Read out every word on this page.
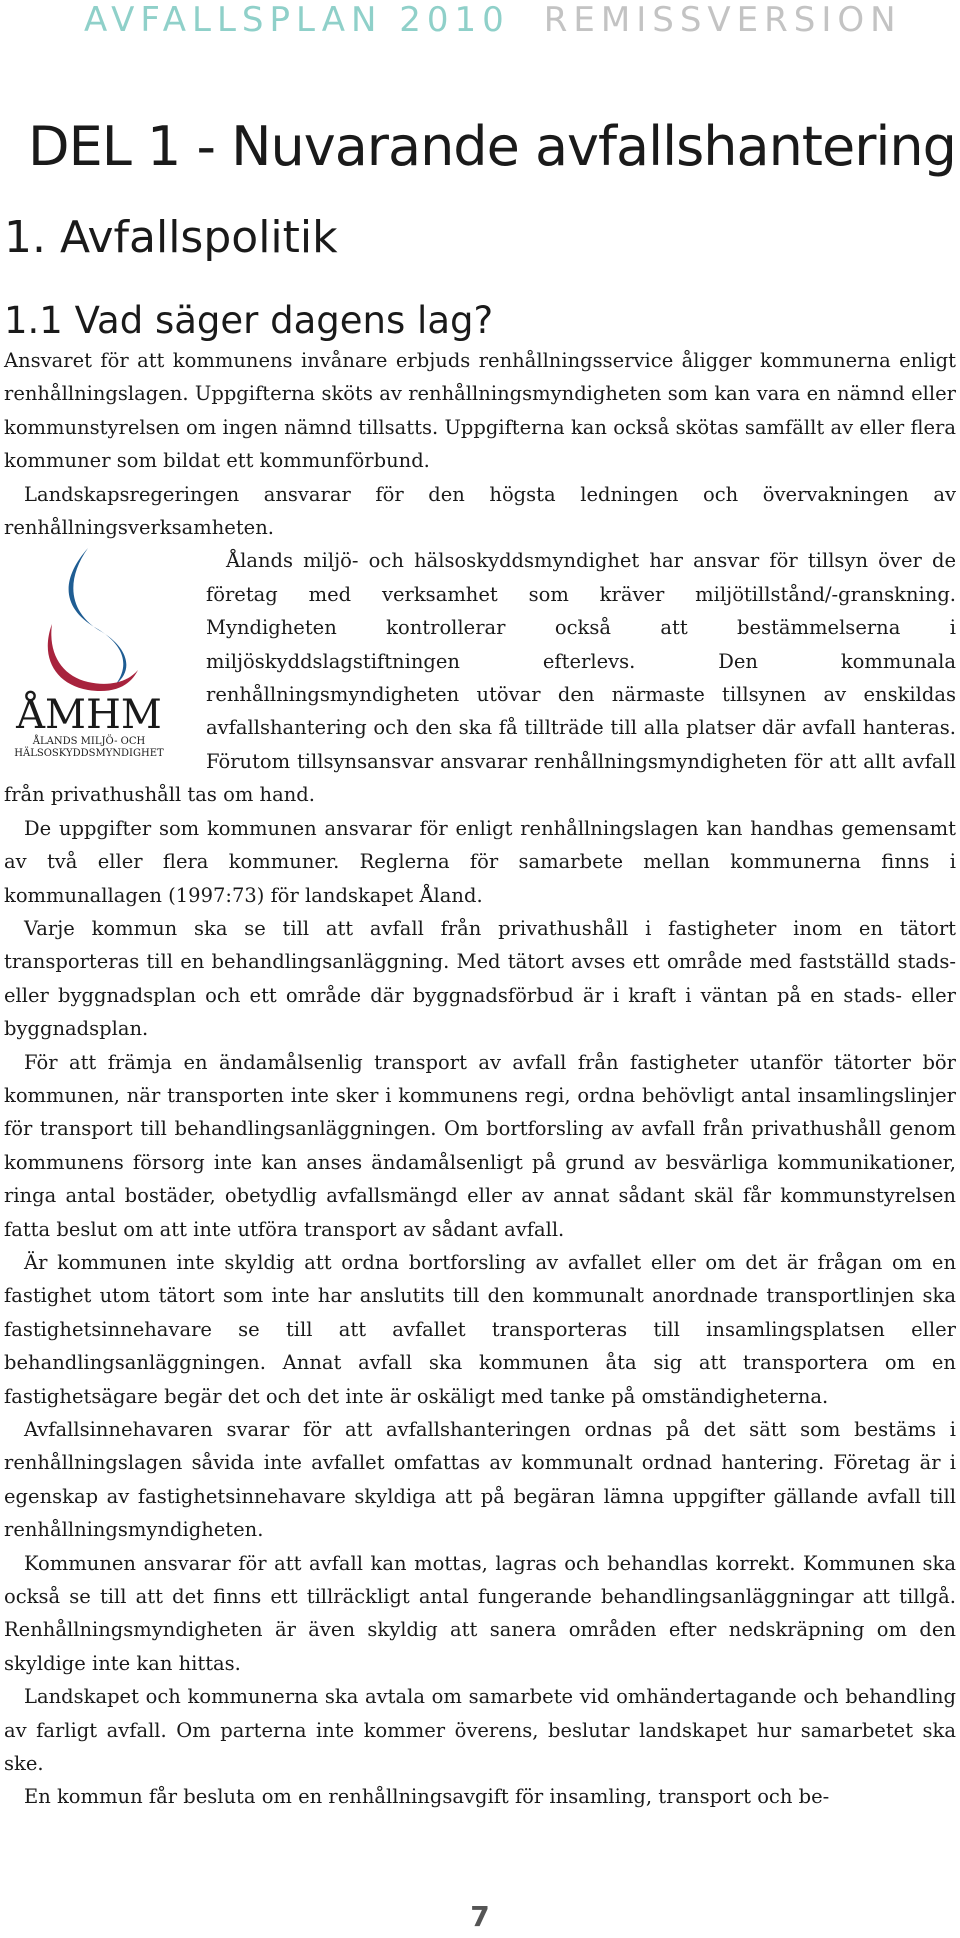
AVFALLSPLAN 2010 REMISSVERSION
DEL 1 - Nuvarande avfallshantering
1. Avfallspolitik
1.1 Vad säger dagens lag?

Ansvaret för att kommunens invånare erbjuds renhållningsservice åligger kommunerna enligt renhållningslagen. Uppgifterna sköts av renhållningsmyndigheten som kan vara en nämnd eller kommunstyrelsen om ingen nämnd tillsatts. Uppgifterna kan också skötas samfällt av eller flera kommuner som bildat ett kommunförbund.

Landskapsregeringen ansvarar för den högsta ledningen och övervakningen av renhållningsverksamheten.

ÅMHM
ÅLANDS MILJÖ- OCH
HÄLSOSKYDDSMYNDIGHET

Ålands miljö- och hälsoskyddsmyndighet har ansvar för tillsyn över de företag med verksamhet som kräver miljötillstånd/-granskning. Myndigheten kontrollerar också att bestämmelserna i miljöskyddslagstiftningen efterlevs. Den kommunala renhållningsmyndigheten utövar den närmaste tillsynen av enskildas avfallshantering och den ska få tillträde till alla platser där avfall hanteras. Förutom tillsynsansvar ansvarar renhållningsmyndigheten för att allt avfall från privathushåll tas om hand.

De uppgifter som kommunen ansvarar för enligt renhållningslagen kan handhas gemensamt av två eller flera kommuner. Reglerna för samarbete mellan kommunerna finns i kommunallagen (1997:73) för landskapet Åland.

Varje kommun ska se till att avfall från privathushåll i fastigheter inom en tätort transporteras till en behandlingsanläggning. Med tätort avses ett område med fastställd stads- eller byggnadsplan och ett område där byggnadsförbud är i kraft i väntan på en stads- eller byggnadsplan.

För att främja en ändamålsenlig transport av avfall från fastigheter utanför tätorter bör kommunen, när transporten inte sker i kommunens regi, ordna behövligt antal insamlingslinjer för transport till behandlingsanläggningen. Om bortforsling av avfall från privathushåll genom kommunens försorg inte kan anses ändamålsenligt på grund av besvärliga kommunikationer, ringa antal bostäder, obetydlig avfallsmängd eller av annat sådant skäl får kommunstyrelsen fatta beslut om att inte utföra transport av sådant avfall.

Är kommunen inte skyldig att ordna bortforsling av avfallet eller om det är frågan om en fastighet utom tätort som inte har anslutits till den kommunalt anordnade transportlinjen ska fastighetsinnehavare se till att avfallet transporteras till insamlingsplatsen eller behandlingsanläggningen. Annat avfall ska kommunen åta sig att transportera om en fastighetsägare begär det och det inte är oskäligt med tanke på omständigheterna.

Avfallsinnehavaren svarar för att avfallshanteringen ordnas på det sätt som bestäms i renhållningslagen såvida inte avfallet omfattas av kommunalt ordnad hantering. Företag är i egenskap av fastighetsinnehavare skyldiga att på begäran lämna uppgifter gällande avfall till renhållningsmyndigheten.

Kommunen ansvarar för att avfall kan mottas, lagras och behandlas korrekt. Kommunen ska också se till att det finns ett tillräckligt antal fungerande behandlingsanläggningar att tillgå. Renhållningsmyndigheten är även skyldig att sanera områden efter nedskräpning om den skyldige inte kan hittas.

Landskapet och kommunerna ska avtala om samarbete vid omhändertagande och behandling av farligt avfall. Om parterna inte kommer överens, beslutar landskapet hur samarbetet ska ske.

En kommun får besluta om en renhållningsavgift för insamling, transport och be-

7
